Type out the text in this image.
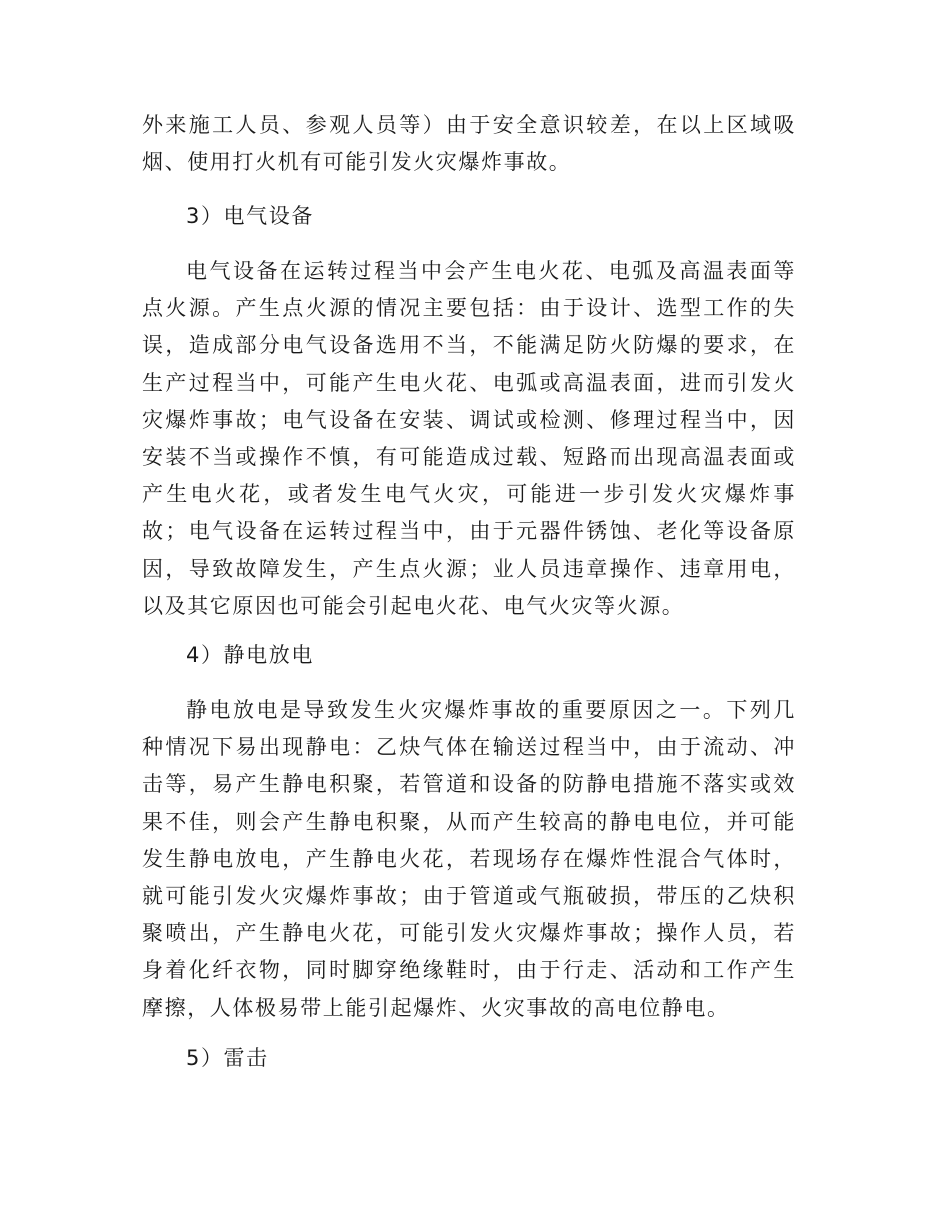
外来施工人员、参观人员等）由于安全意识较差，在以上区域吸烟、使用打火机有可能引发火灾爆炸事故。

3）电气设备

电气设备在运转过程当中会产生电火花、电弧及高温表面等点火源。产生点火源的情况主要包括：由于设计、选型工作的失误，造成部分电气设备选用不当，不能满足防火防爆的要求，在生产过程当中，可能产生电火花、电弧或高温表面，进而引发火灾爆炸事故；电气设备在安装、调试或检测、修理过程当中，因安装不当或操作不慎，有可能造成过载、短路而出现高温表面或产生电火花，或者发生电气火灾，可能进一步引发火灾爆炸事故；电气设备在运转过程当中，由于元器件锈蚀、老化等设备原因，导致故障发生，产生点火源；业人员违章操作、违章用电，以及其它原因也可能会引起电火花、电气火灾等火源。

4）静电放电

静电放电是导致发生火灾爆炸事故的重要原因之一。下列几种情况下易出现静电：乙炔气体在输送过程当中，由于流动、冲击等，易产生静电积聚，若管道和设备的防静电措施不落实或效果不佳，则会产生静电积聚，从而产生较高的静电电位，并可能发生静电放电，产生静电火花，若现场存在爆炸性混合气体时，就可能引发火灾爆炸事故；由于管道或气瓶破损，带压的乙炔积聚喷出，产生静电火花，可能引发火灾爆炸事故；操作人员，若身着化纤衣物，同时脚穿绝缘鞋时，由于行走、活动和工作产生摩擦，人体极易带上能引起爆炸、火灾事故的高电位静电。

5）雷击
